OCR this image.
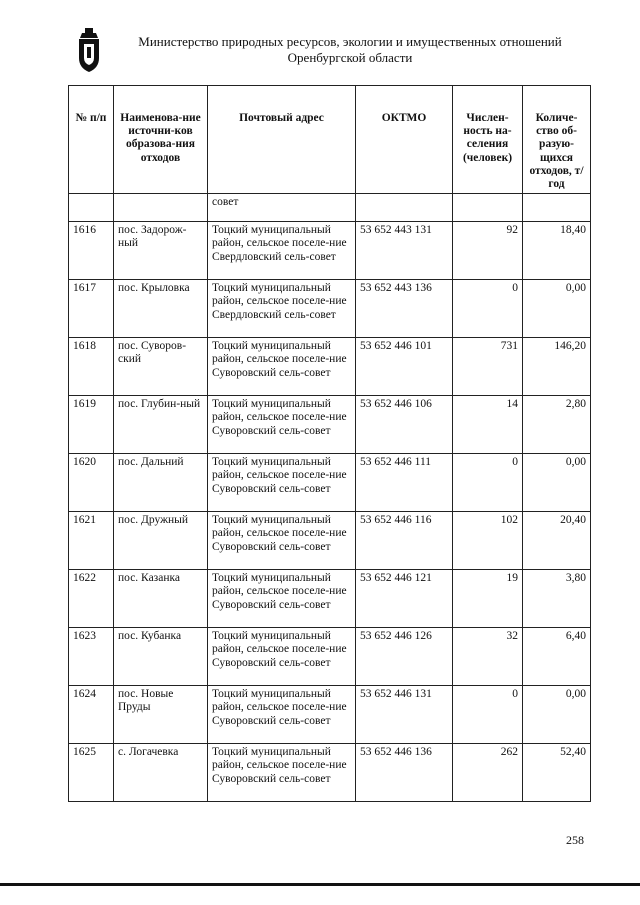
Министерство природных ресурсов, экологии и имущественных отношений
Оренбургской области
№ п/п	Наименова-ние источни-ков образова-ния отходов	Почтовый адрес	ОКТМО	Числен-ность на-селения (человек)	Количе-ство об-разую-щихся отходов, т/год
		совет			
1616	пос. Задорож-ный	Тоцкий муниципальный район, сельское поселе-ние Свердловский сель-совет	53 652 443 131	92	18,40
1617	пос. Крыловка	Тоцкий муниципальный район, сельское поселе-ние Свердловский сель-совет	53 652 443 136	0	0,00
1618	пос. Суворов-ский	Тоцкий муниципальный район, сельское поселе-ние Суворовский сель-совет	53 652 446 101	731	146,20
1619	пос. Глубин-ный	Тоцкий муниципальный район, сельское поселе-ние Суворовский сель-совет	53 652 446 106	14	2,80
1620	пос. Дальний	Тоцкий муниципальный район, сельское поселе-ние Суворовский сель-совет	53 652 446 111	0	0,00
1621	пос. Дружный	Тоцкий муниципальный район, сельское поселе-ние Суворовский сель-совет	53 652 446 116	102	20,40
1622	пос. Казанка	Тоцкий муниципальный район, сельское поселе-ние Суворовский сель-совет	53 652 446 121	19	3,80
1623	пос. Кубанка	Тоцкий муниципальный район, сельское поселе-ние Суворовский сель-совет	53 652 446 126	32	6,40
1624	пос. Новые Пруды	Тоцкий муниципальный район, сельское поселе-ние Суворовский сель-совет	53 652 446 131	0	0,00
1625	с. Логачевка	Тоцкий муниципальный район, сельское поселе-ние Суворовский сель-совет	53 652 446 136	262	52,40
258
